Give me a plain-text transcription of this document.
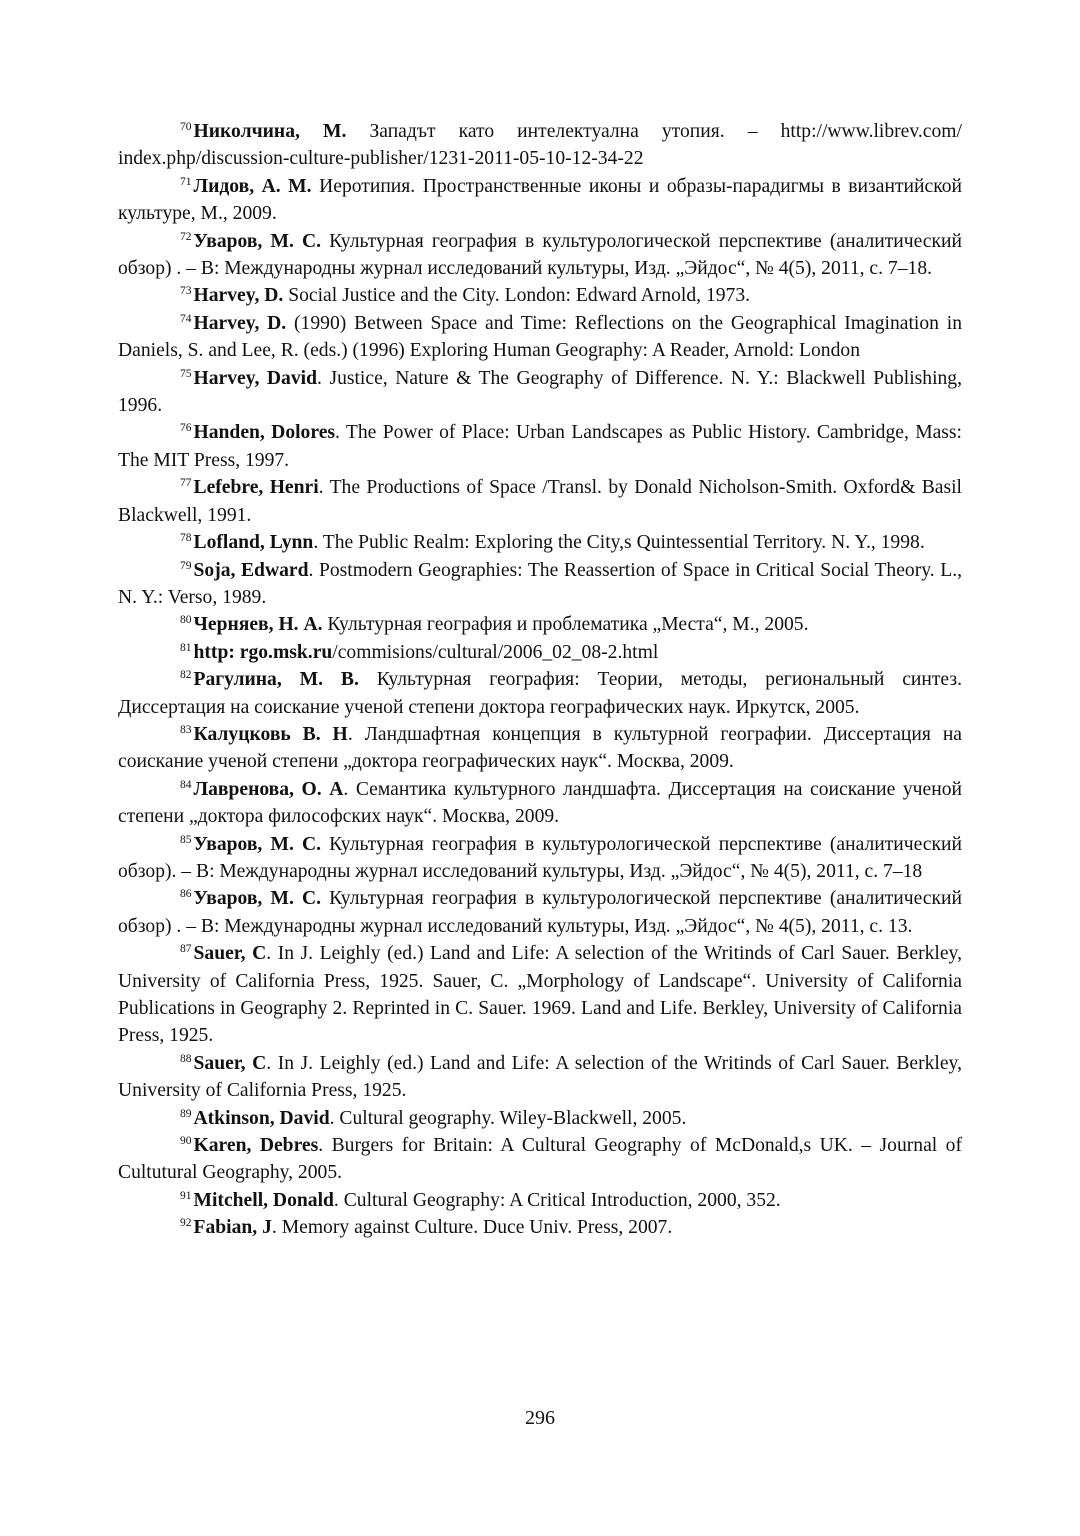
$^{70}$ Николчина, М. Западът като интелектуална утопия. – http://www.librev.com/ index.php/discussion-culture-publisher/1231-2011-05-10-12-34-22

$^{71}$ Лидов, А. М. Иеротипия. Пространственные иконы и образы-парадигмы в византийской культуре, М., 2009.

$^{72}$ Уваров, М. С. Культурная география в культурологической перспективе (аналитический обзор) . – В: Международны журнал исследований культуры, Изд. „Эйдос“, № 4(5), 2011, с. 7–18.

$^{73}$ Harvey, D. Social Justice and the City. London: Edward Arnold, 1973.

$^{74}$ Harvey, D. (1990) Between Space and Time: Reflections on the Geographical Imagination in Daniels, S. and Lee, R. (eds.) (1996) Exploring Human Geography: A Reader, Arnold: London

$^{75}$ Harvey, David. Justice, Nature & The Geography of Difference. N. Y.: Blackwell Publishing, 1996.

$^{76}$ Handen, Dolores. The Power of Place: Urban Landscapes as Public History. Cambridge, Mass: The MIT Press, 1997.

$^{77}$ Lefebre, Henri. The Productions of Space /Transl. by Donald Nicholson-Smith. Oxford& Basil Blackwell, 1991.

$^{78}$ Lofland, Lynn. The Public Realm: Exploring the City,s Quintessential Territory. N. Y., 1998.

$^{79}$ Soja, Edward. Postmodern Geographies: The Reassertion of Space in Critical Social Theory. L., N. Y.: Verso, 1989.

$^{80}$ Черняев, Н. А. Культурная география и проблематика „Места“, М., 2005.

$^{81}$ http: rgo.msk.ru/commisions/cultural/2006_02_08-2.html

$^{82}$ Рагулина, М. В. Культурная география: Теории, методы, региональный синтез. Диссертация на соискание ученой степени доктора географических наук. Иркутск, 2005.

$^{83}$ Калуцковь В. Н. Ландшафтная концепция в культурной географии. Диссертация на соискание ученой степени „доктора географических наук“. Москва, 2009.

$^{84}$ Лавренова, О. А. Семантика культурного ландшафта. Диссертация на соискание ученой степени „доктора философских наук“. Москва, 2009.

$^{85}$ Уваров, М. С. Культурная география в культурологической перспективе (аналитический обзор). – В: Международны журнал исследований культуры, Изд. „Эйдос“, № 4(5), 2011, с. 7–18

$^{86}$ Уваров, М. С. Культурная география в культурологической перспективе (аналитический обзор) . – В: Международны журнал исследований культуры, Изд. „Эйдос“, № 4(5), 2011, с. 13.

$^{87}$ Sauer, C. In J. Leighly (ed.) Land and Life: A selection of the Writinds of Carl Sauer. Berkley, University of California Press, 1925. Sauer, C. „Morphology of Landscape“. University of California Publications in Geography 2. Reprinted in C. Sauer. 1969. Land and Life. Berkley, University of California Press, 1925.

$^{88}$ Sauer, C. In J. Leighly (ed.) Land and Life: A selection of the Writinds of Carl Sauer. Berkley, University of California Press, 1925.

$^{89}$ Atkinson, David. Cultural geography. Wiley-Blackwell, 2005.

$^{90}$ Karen, Debres. Burgers for Britain: A Cultural Geography of McDonald,s UK. – Journal of Cultutural Geography, 2005.

$^{91}$ Mitchell, Donald. Cultural Geography: A Critical Introduction, 2000, 352.

$^{92}$ Fabian, J. Memory against Culture. Duce Univ. Press, 2007.

296
